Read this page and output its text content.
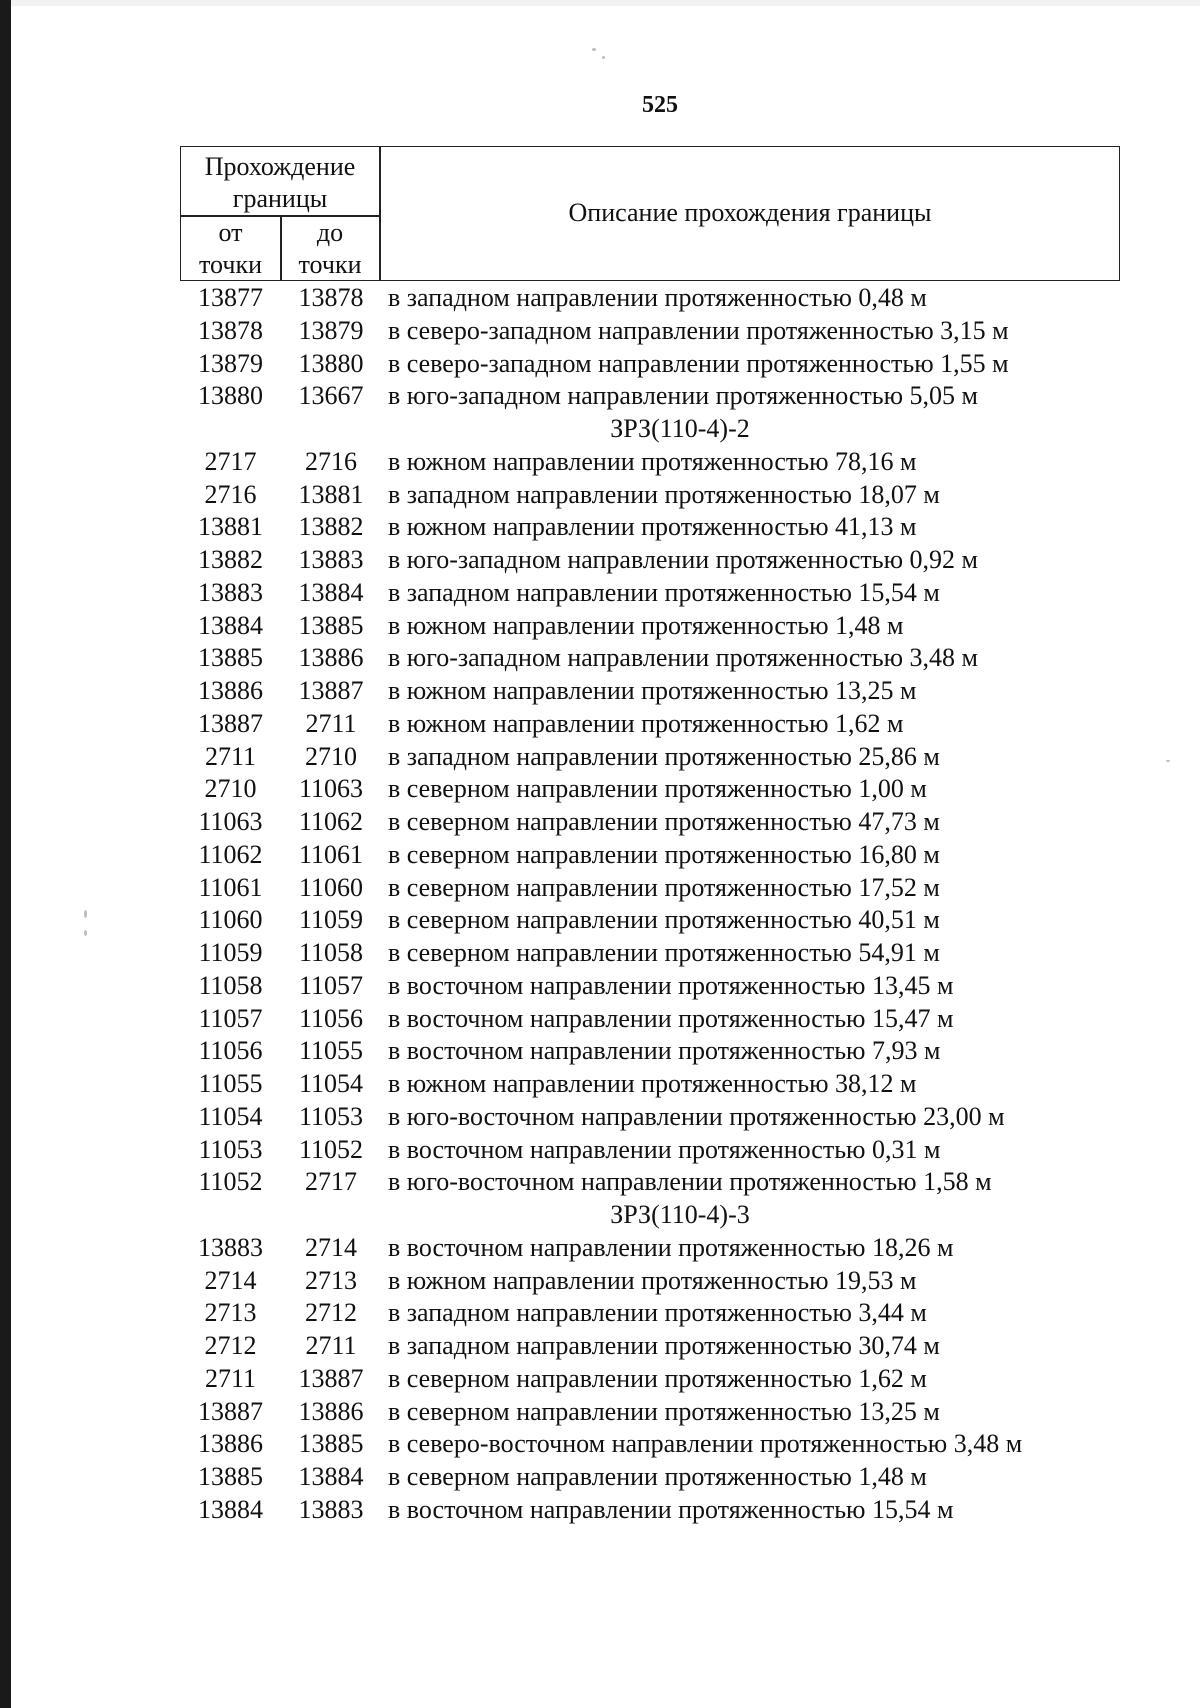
525
Прохождение границы
от точки
до точки
Описание прохождения границы
13877	13878 в западном направлении протяженностью 0,48 м
13878	13879 в северо-западном направлении протяженностью 3,15 м
13879	13880 в северо-западном направлении протяженностью 1,55 м
13880	13667 в юго-западном направлении протяженностью 5,05 м
ЗРЗ(110-4)-2
2717	2716	в южном направлении протяженностью 78,16 м
2716	13881 в западном направлении протяженностью 18,07 м
13881	13882 в южном направлении протяженностью 41,13 м
13882	13883 в юго-западном направлении протяженностью 0,92 м
13883	13884 в западном направлении протяженностью 15,54 м
13884	13885 в южном направлении протяженностью 1,48 м
13885	13886 в юго-западном направлении протяженностью 3,48 м
13886	13887 в южном направлении протяженностью 13,25 м
13887	2711	в южном направлении протяженностью 1,62 м
2711	2710	в западном направлении протяженностью 25,86 м
2710	11063 в северном направлении протяженностью 1,00 м
11063	11062 в северном направлении протяженностью 47,73 м
11062	11061 в северном направлении протяженностью 16,80 м
11061	11060 в северном направлении протяженностью 17,52 м
11060	11059 в северном направлении протяженностью 40,51 м
11059	11058 в северном направлении протяженностью 54,91 м
11058	11057 в восточном направлении протяженностью 13,45 м
11057	11056 в восточном направлении протяженностью 15,47 м
11056	11055 в восточном направлении протяженностью 7,93 м
11055	11054 в южном направлении протяженностью 38,12 м
11054	11053 в юго-восточном направлении протяженностью 23,00 м
11053	11052 в восточном направлении протяженностью 0,31 м
11052	2717	в юго-восточном направлении протяженностью 1,58 м
ЗРЗ(110-4)-3
13883	2714	в восточном направлении протяженностью 18,26 м
2714	2713	в южном направлении протяженностью 19,53 м
2713	2712	в западном направлении протяженностью 3,44 м
2712	2711	в западном направлении протяженностью 30,74 м
2711	13887 в северном направлении протяженностью 1,62 м
13887	13886 в северном направлении протяженностью 13,25 м
13886	13885 в северо-восточном направлении протяженностью 3,48 м
13885	13884 в северном направлении протяженностью 1,48 м
13884	13883 в восточном направлении протяженностью 15,54 м
